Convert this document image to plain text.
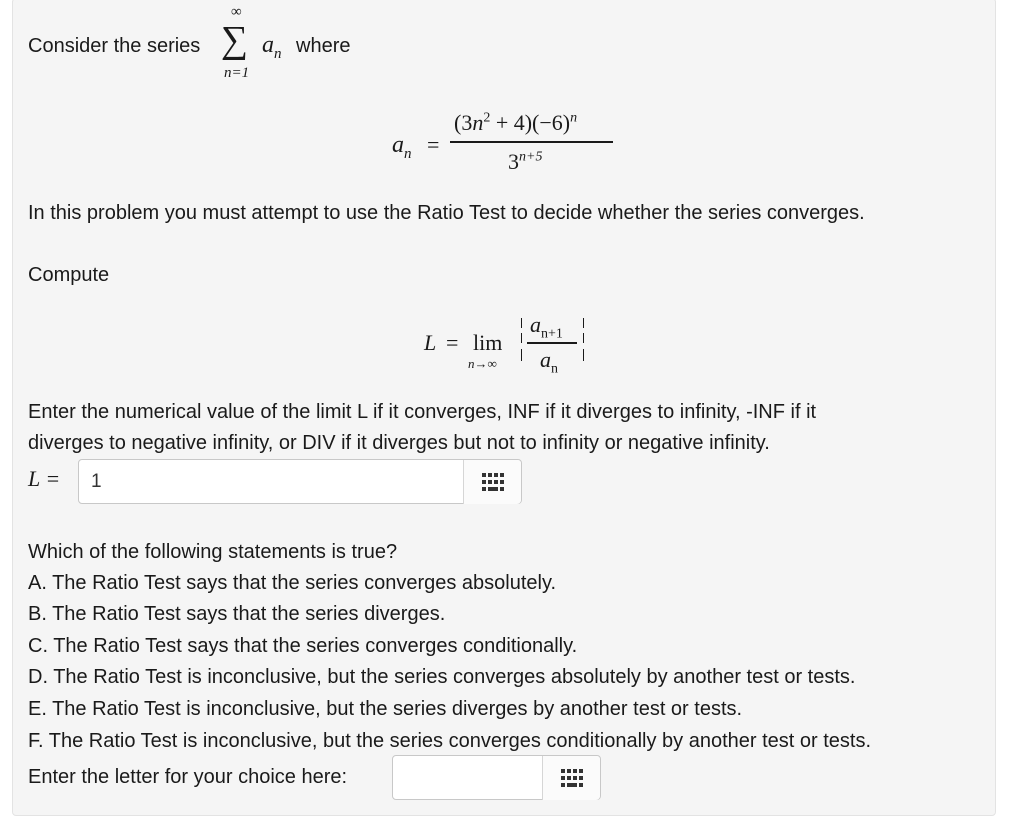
Consider the series
∞
∑
n=1
$a_n$ where
$a_n$ =
$(3n^2 + 4)(-6)^n$
$3^{n+5}$
In this problem you must attempt to use the Ratio Test to decide whether the series converges.
Compute
L = lim
n→∞
$a_{n+1}$
$a_n$
Enter the numerical value of the limit L if it converges, INF if it diverges to infinity, -INF if it
diverges to negative infinity, or DIV if it diverges but not to infinity or negative infinity.
L = 1
Which of the following statements is true?
A. The Ratio Test says that the series converges absolutely.
B. The Ratio Test says that the series diverges.
C. The Ratio Test says that the series converges conditionally.
D. The Ratio Test is inconclusive, but the series converges absolutely by another test or tests.
E. The Ratio Test is inconclusive, but the series diverges by another test or tests.
F. The Ratio Test is inconclusive, but the series converges conditionally by another test or tests.
Enter the letter for your choice here:
